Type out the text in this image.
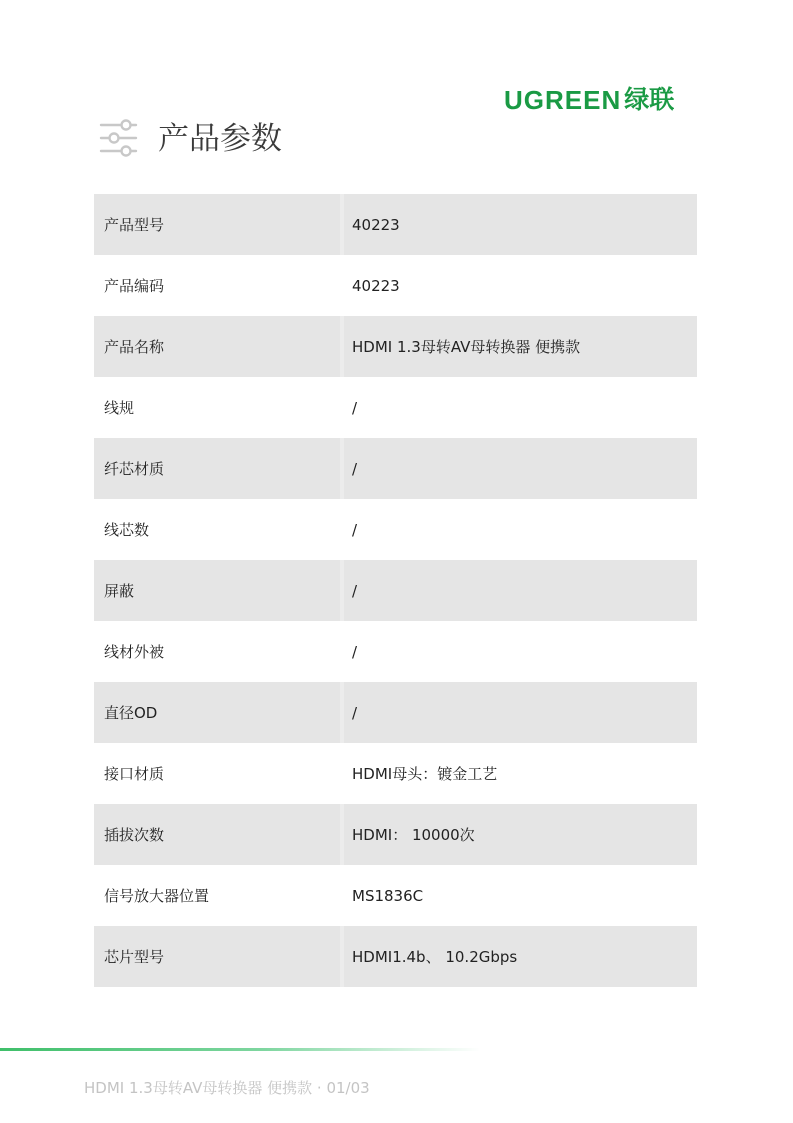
UGREEN 绿联
产品参数
产品型号		40223
产品编码		40223
产品名称		HDMI 1.3母转AV母转换器 便携款
线规		/
纤芯材质		/
线芯数		/
屏蔽		/
线材外被		/
直径OD		/
接口材质		HDMI母头：镀金工艺
插拔次数		HDMI： 10000次
信号放大器位置		MS1836C
芯片型号		HDMI1.4b、 10.2Gbps
HDMI 1.3母转AV母转换器 便携款 · 01/03
